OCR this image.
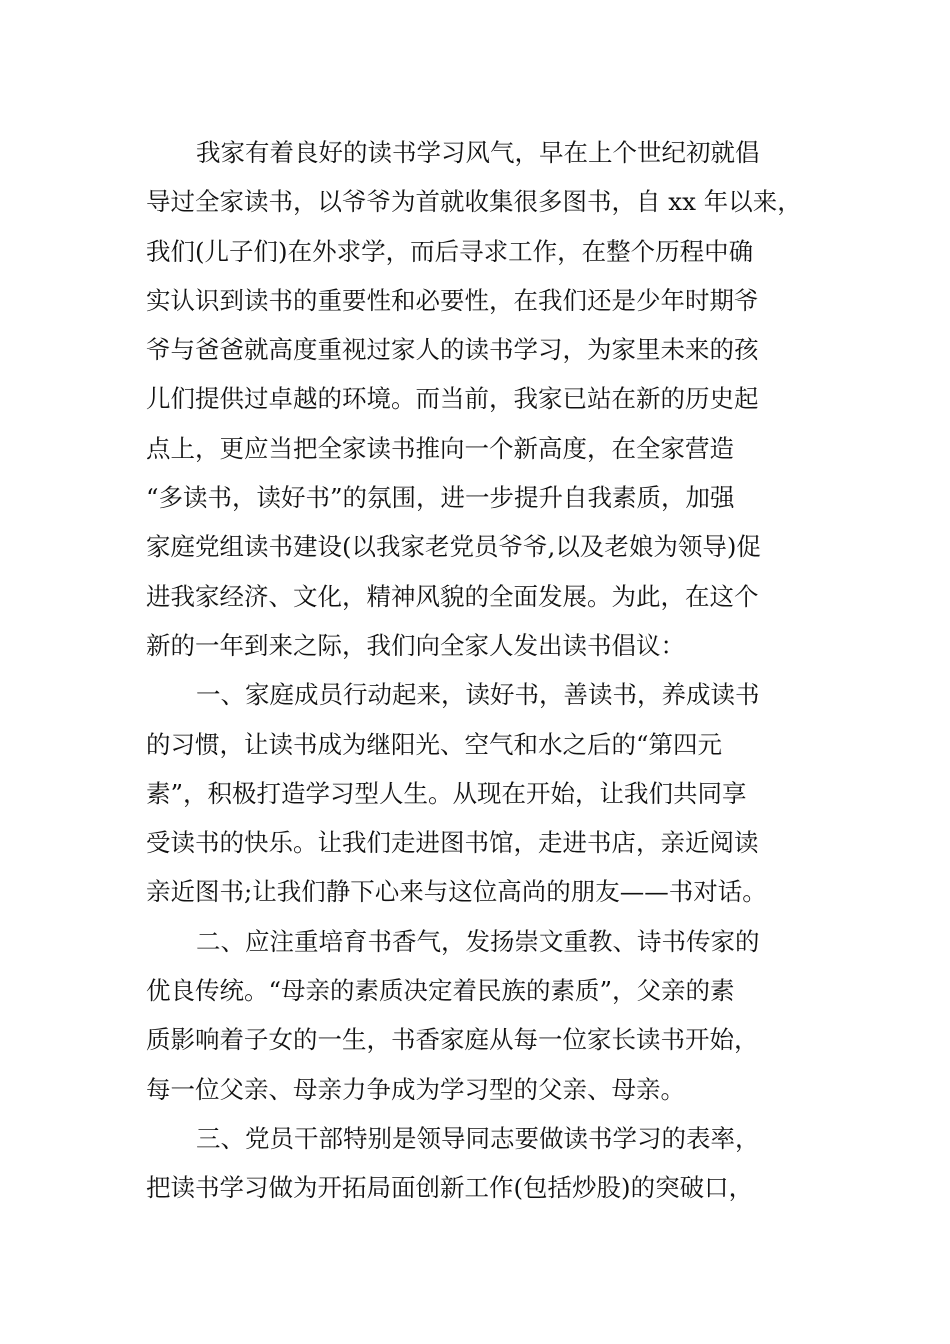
我家有着良好的读书学习风气，早在上个世纪初就倡
导过全家读书，以爷爷为首就收集很多图书，自 xx 年以来，
我们(儿子们)在外求学，而后寻求工作，在整个历程中确
实认识到读书的重要性和必要性，在我们还是少年时期爷
爷与爸爸就高度重视过家人的读书学习，为家里未来的孩
儿们提供过卓越的环境。而当前，我家已站在新的历史起
点上，更应当把全家读书推向一个新高度，在全家营造
“多读书，读好书”的氛围，进一步提升自我素质，加强
家庭党组读书建设(以我家老党员爷爷,以及老娘为领导)促
进我家经济、文化，精神风貌的全面发展。为此，在这个
新的一年到来之际，我们向全家人发出读书倡议：
一、家庭成员行动起来，读好书，善读书，养成读书
的习惯，让读书成为继阳光、空气和水之后的“第四元
素”，积极打造学习型人生。从现在开始，让我们共同享
受读书的快乐。让我们走进图书馆，走进书店，亲近阅读
亲近图书;让我们静下心来与这位高尚的朋友——书对话。
二、应注重培育书香气，发扬崇文重教、诗书传家的
优良传统。“母亲的素质决定着民族的素质”，父亲的素
质影响着子女的一生，书香家庭从每一位家长读书开始，
每一位父亲、母亲力争成为学习型的父亲、母亲。
三、党员干部特别是领导同志要做读书学习的表率，
把读书学习做为开拓局面创新工作(包括炒股)的突破口，
